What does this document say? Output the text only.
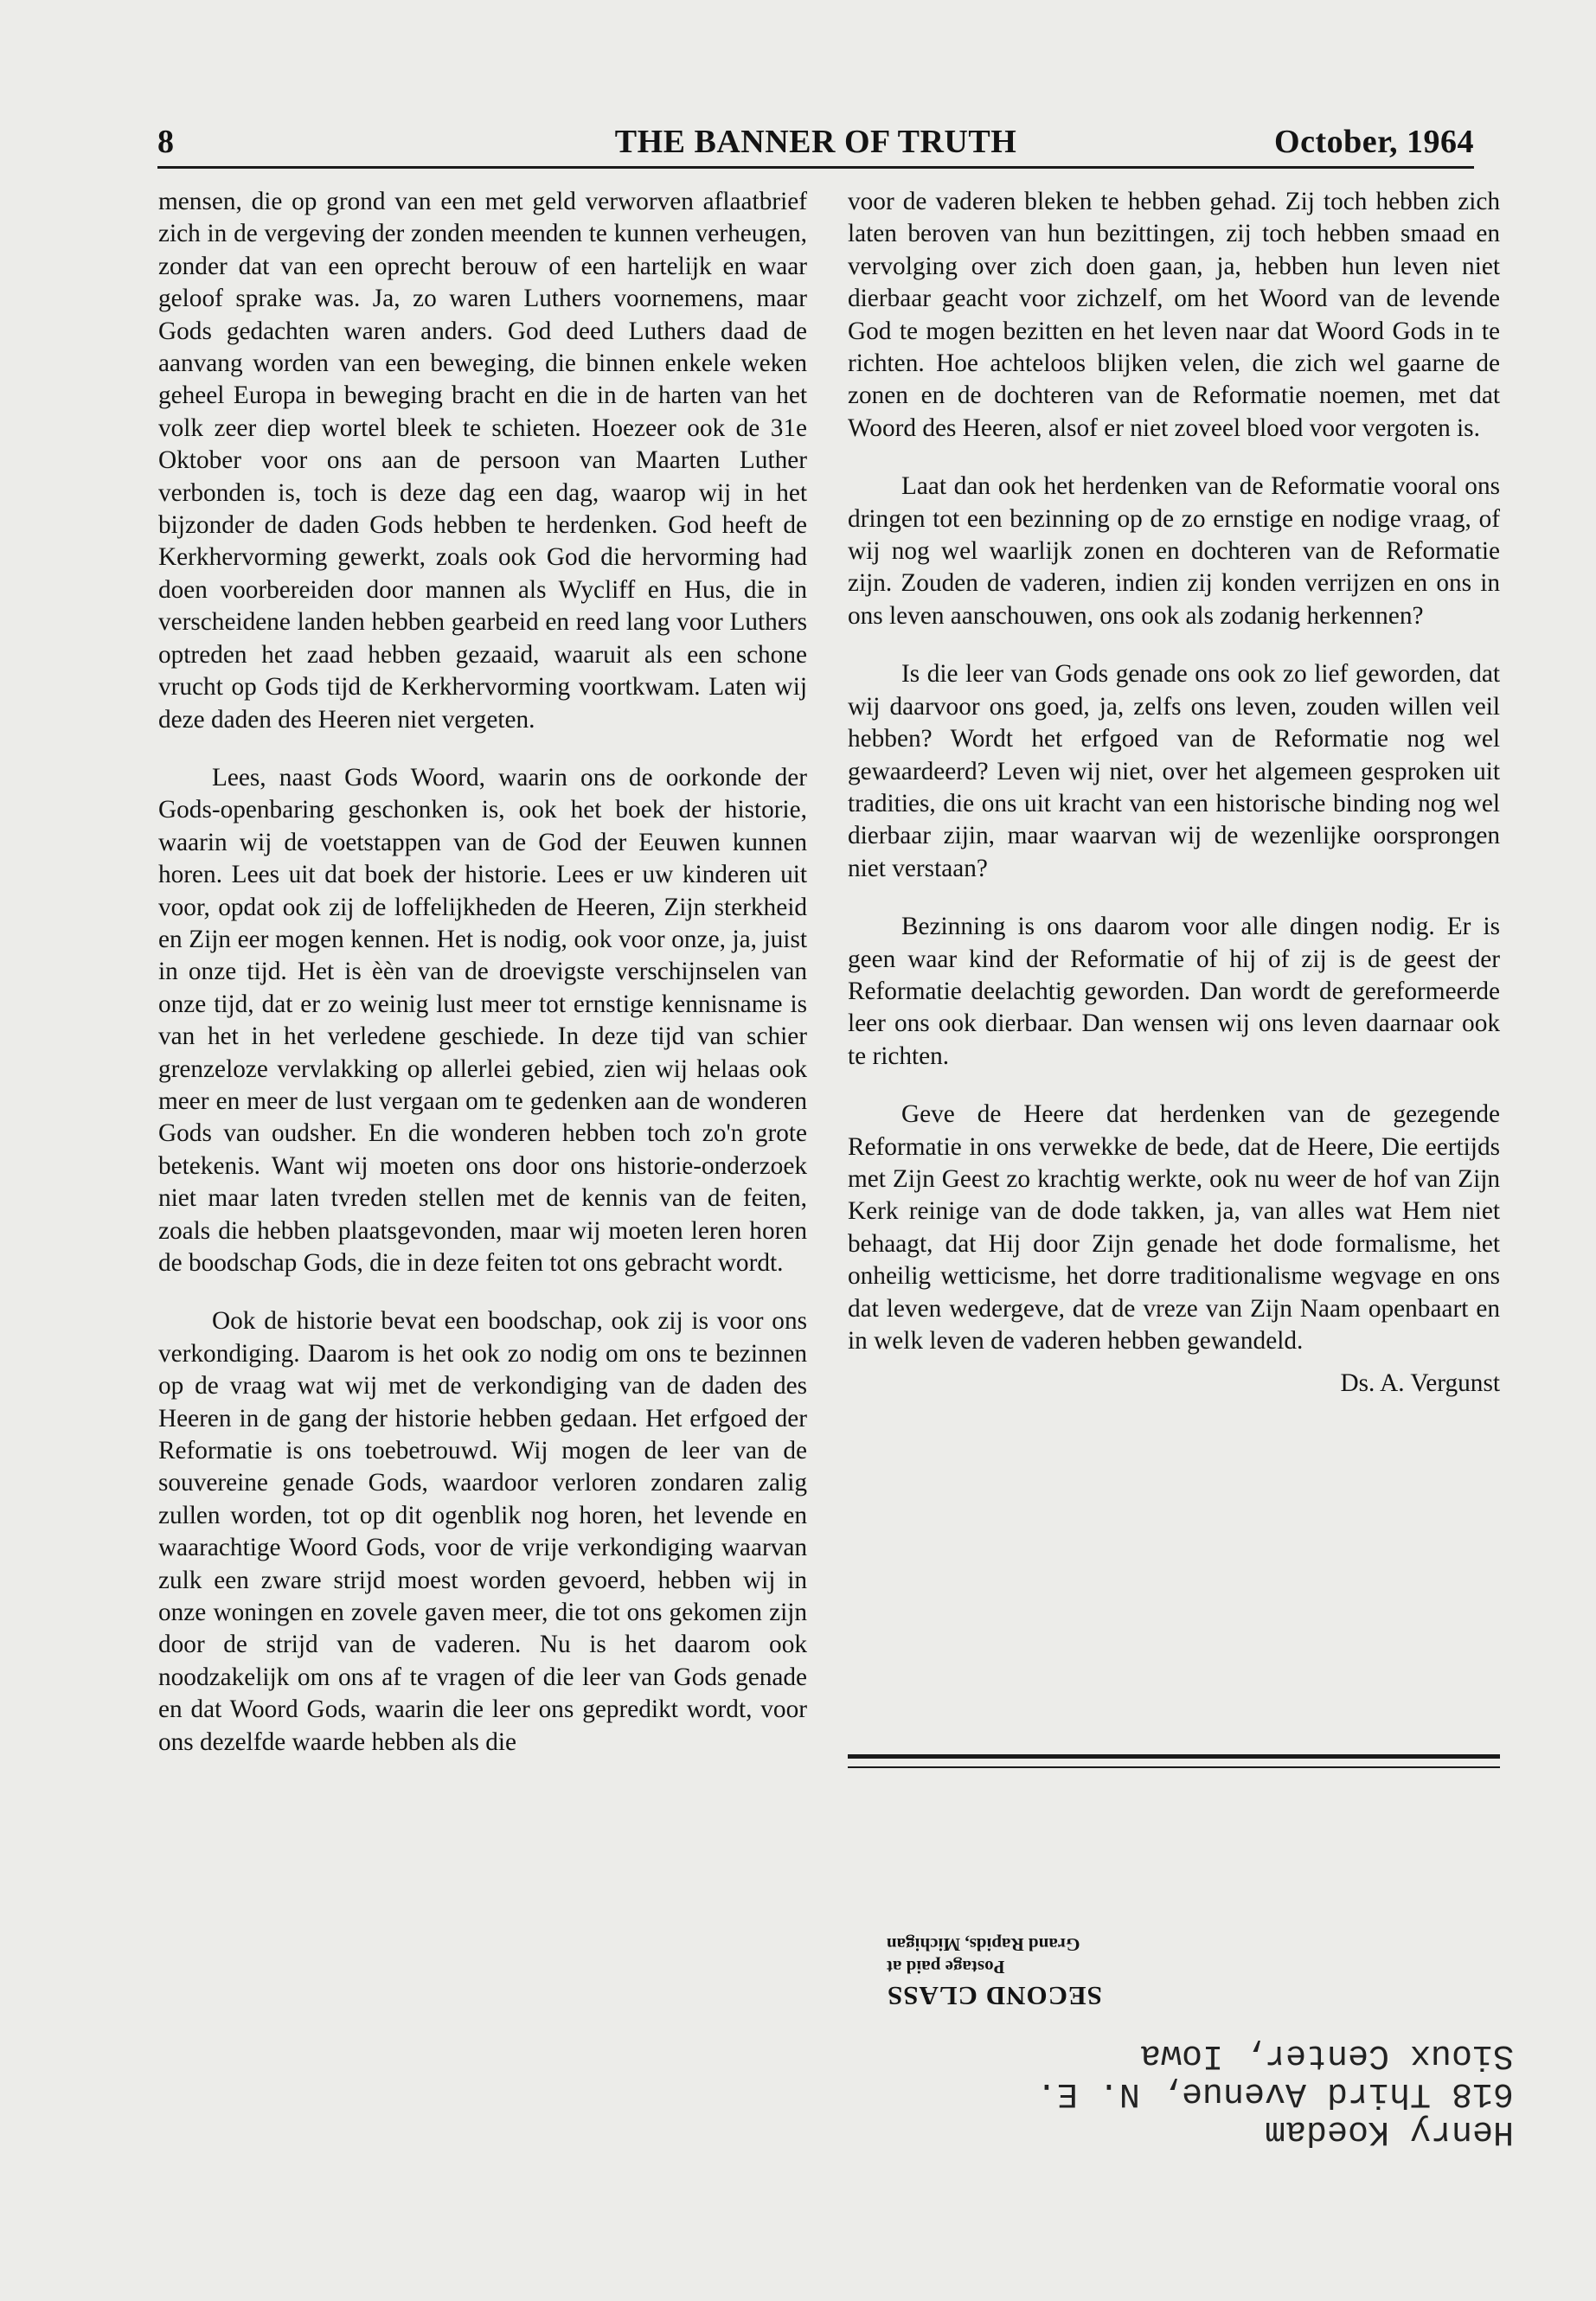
8	THE BANNER OF TRUTH	October, 1964

mensen, die op grond van een met geld verworven aflaatbrief zich in de vergeving der zonden meenden te kunnen verheugen, zonder dat van een oprecht berouw of een hartelijk en waar geloof sprake was. Ja, zo waren Luthers voornemens, maar Gods gedachten waren anders. God deed Luthers daad de aanvang worden van een beweging, die binnen enkele weken geheel Europa in beweging bracht en die in de harten van het volk zeer diep wortel bleek te schieten. Hoezeer ook de 31e Oktober voor ons aan de persoon van Maarten Luther verbonden is, toch is deze dag een dag, waarop wij in het bijzonder de daden Gods hebben te herdenken. God heeft de Kerkhervorming gewerkt, zoals ook God die hervorming had doen voorbereiden door mannen als Wycliff en Hus, die in verscheidene landen hebben gearbeid en reed lang voor Luthers optreden het zaad hebben gezaaid, waaruit als een schone vrucht op Gods tijd de Kerkhervorming voortkwam. Laten wij deze daden des Heeren niet vergeten.

Lees, naast Gods Woord, waarin ons de oorkonde der Gods-openbaring geschonken is, ook het boek der historie, waarin wij de voetstappen van de God der Eeuwen kunnen horen. Lees uit dat boek der historie. Lees er uw kinderen uit voor, opdat ook zij de loffelijkheden de Heeren, Zijn sterkheid en Zijn eer mogen kennen. Het is nodig, ook voor onze, ja, juist in onze tijd. Het is èèn van de droevigste verschijnselen van onze tijd, dat er zo weinig lust meer tot ernstige kennisname is van het in het verledene geschiede. In deze tijd van schier grenzeloze vervlakking op allerlei gebied, zien wij helaas ook meer en meer de lust vergaan om te gedenken aan de wonderen Gods van oudsher. En die wonderen hebben toch zo'n grote betekenis. Want wij moeten ons door ons historie-onderzoek niet maar laten tvreden stellen met de kennis van de feiten, zoals die hebben plaatsgevonden, maar wij moeten leren horen de boodschap Gods, die in deze feiten tot ons gebracht wordt.

Ook de historie bevat een boodschap, ook zij is voor ons verkondiging. Daarom is het ook zo nodig om ons te bezinnen op de vraag wat wij met de verkondiging van de daden des Heeren in de gang der historie hebben gedaan. Het erfgoed der Reformatie is ons toebetrouwd. Wij mogen de leer van de souvereine genade Gods, waardoor verloren zondaren zalig zullen worden, tot op dit ogenblik nog horen, het levende en waarachtige Woord Gods, voor de vrije verkondiging waarvan zulk een zware strijd moest worden gevoerd, hebben wij in onze woningen en zovele gaven meer, die tot ons gekomen zijn door de strijd van de vaderen. Nu is het daarom ook noodzakelijk om ons af te vragen of die leer van Gods genade en dat Woord Gods, waarin die leer ons gepredikt wordt, voor ons dezelfde waarde hebben als die

voor de vaderen bleken te hebben gehad. Zij toch hebben zich laten beroven van hun bezittingen, zij toch hebben smaad en vervolging over zich doen gaan, ja, hebben hun leven niet dierbaar geacht voor zichzelf, om het Woord van de levende God te mogen bezitten en het leven naar dat Woord Gods in te richten. Hoe achteloos blijken velen, die zich wel gaarne de zonen en de dochteren van de Reformatie noemen, met dat Woord des Heeren, alsof er niet zoveel bloed voor vergoten is.

Laat dan ook het herdenken van de Reformatie vooral ons dringen tot een bezinning op de zo ernstige en nodige vraag, of wij nog wel waarlijk zonen en dochteren van de Reformatie zijn. Zouden de vaderen, indien zij konden verrijzen en ons in ons leven aanschouwen, ons ook als zodanig herkennen?

Is die leer van Gods genade ons ook zo lief geworden, dat wij daarvoor ons goed, ja, zelfs ons leven, zouden willen veil hebben? Wordt het erfgoed van de Reformatie nog wel gewaardeerd? Leven wij niet, over het algemeen gesproken uit tradities, die ons uit kracht van een historische binding nog wel dierbaar zijin, maar waarvan wij de wezenlijke oorsprongen niet verstaan?

Bezinning is ons daarom voor alle dingen nodig. Er is geen waar kind der Reformatie of hij of zij is de geest der Reformatie deelachtig geworden. Dan wordt de gereformeerde leer ons ook dierbaar. Dan wensen wij ons leven daarnaar ook te richten.

Geve de Heere dat herdenken van de gezegende Reformatie in ons verwekke de bede, dat de Heere, Die eertijds met Zijn Geest zo krachtig werkte, ook nu weer de hof van Zijn Kerk reinige van de dode takken, ja, van alles wat Hem niet behaagt, dat Hij door Zijn genade het dode formalisme, het onheilig wetticisme, het dorre traditionalisme wegvage en ons dat leven wedergeve, dat de vreze van Zijn Naam openbaart en in welk leven de vaderen hebben gewandeld.

Ds. A. Vergunst

Henry Koedam
618 Third Avenue, N. E.
Sioux Center, Iowa
SECOND CLASS
Postage paid at
Grand Rapids, Michigan
